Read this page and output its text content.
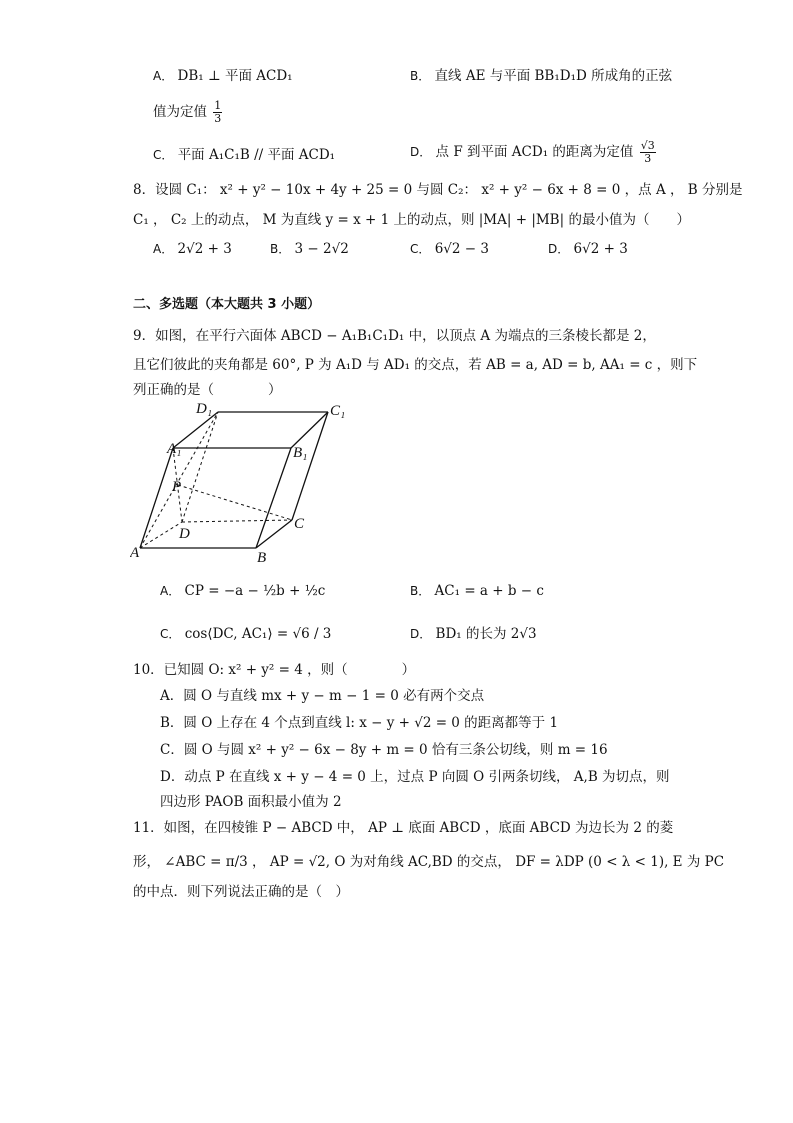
A． DB₁ ⊥ 平面 ACD₁	B． 直线 AE 与平面 BB₁D₁D 所成角的正弦
值为定值 $\frac{1}{3}$
C． 平面 A₁C₁B // 平面 ACD₁	D． 点 F 到平面 ACD₁ 的距离为定值 $\frac{√3}{3}$
8．设圆 C₁： x² + y² − 10x + 4y + 25 = 0 与圆 C₂： x² + y² − 6x + 8 = 0 ，点 A ， B 分别是
C₁ ， C₂ 上的动点， M 为直线 y = x + 1 上的动点，则 |MA| + |MB| 的最小值为（　　）
A． 2√2 + 3	B． 3 − 2√2	C． 6√2 − 3	D． 6√2 + 3
二、多选题（本大题共 3 小题）
9．如图，在平行六面体 ABCD − A₁B₁C₁D₁ 中，以顶点 A 为端点的三条棱长都是 2，
且它们彼此的夹角都是 60°, P 为 A₁D 与 AD₁ 的交点，若 AB = a, AD = b, AA₁ = c ，则下
列正确的是（　　　　）
D₁	C₁
A₁	B₁
P
D
C
A	B
A． CP = −a − ½b + ½c	B． AC₁ = a + b − c
C． cos⟨DC, AC₁⟩ = √6 / 3	D． BD₁ 的长为 2√3
10．已知圆 O: x² + y² = 4 ，则（　　　　）
A．圆 O 与直线 mx + y − m − 1 = 0 必有两个交点
B．圆 O 上存在 4 个点到直线 l: x − y + √2 = 0 的距离都等于 1
C．圆 O 与圆 x² + y² − 6x − 8y + m = 0 恰有三条公切线，则 m = 16
D．动点 P 在直线 x + y − 4 = 0 上，过点 P 向圆 O 引两条切线， A,B 为切点，则
四边形 PAOB 面积最小值为 2
11．如图，在四棱锥 P − ABCD 中， AP ⊥ 底面 ABCD ，底面 ABCD 为边长为 2 的菱
形， ∠ABC = π/3 ， AP = √2, O 为对角线 AC,BD 的交点， DF = λDP (0 < λ < 1), E 为 PC
的中点．则下列说法正确的是（　）
